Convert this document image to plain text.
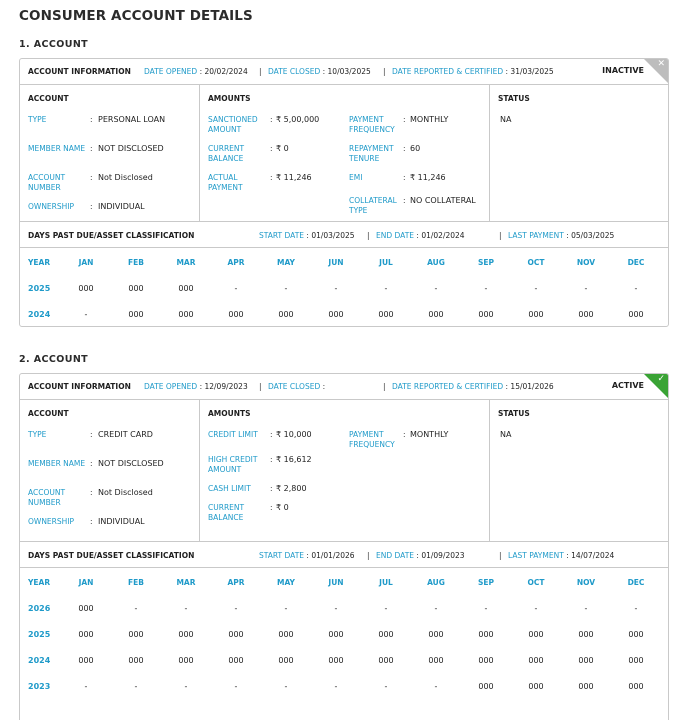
CONSUMER ACCOUNT DETAILS
1. ACCOUNT
ACCOUNT INFORMATION DATE OPENED : 20/02/2024 | DATE CLOSED : 10/03/2025 | DATE REPORTED & CERTIFIED : 31/03/2025	INACTIVE
✕
ACCOUNT
TYPE	: PERSONAL LOAN
MEMBER NAME : NOT DISCLOSED
ACCOUNT NUMBER
: Not Disclosed
OWNERSHIP	: INDIVIDUAL
AMOUNTS
SANCTIONED AMOUNT
: ₹ 5,00,000
CURRENT BALANCE
: ₹ 0
ACTUAL PAYMENT
: ₹ 11,246
PAYMENT FREQUENCY
: MONTHLY
REPAYMENT TENURE
: 60
EMI	: ₹ 11,246
COLLATERAL TYPE
: NO COLLATERAL
STATUS
NA
DAYS PAST DUE/ASSET CLASSIFICATION	START DATE : 01/03/2025 | END DATE : 01/02/2024	| LAST PAYMENT : 05/03/2025
YEAR	JAN	FEB	MAR	APR	MAY	JUN	JUL	AUG	SEP	OCT	NOV	DEC
2025	000	000	000	-	-	-	-	-	-	-	-	-
2024	-	000	000	000	000	000	000	000	000	000	000	000
2. ACCOUNT
ACCOUNT INFORMATION DATE OPENED : 12/09/2023 | DATE CLOSED :	| DATE REPORTED & CERTIFIED : 15/01/2026	ACTIVE
✓
ACCOUNT
TYPE	: CREDIT CARD
MEMBER NAME : NOT DISCLOSED
ACCOUNT NUMBER
: Not Disclosed
OWNERSHIP	: INDIVIDUAL
AMOUNTS
CREDIT LIMIT	: ₹ 10,000
HIGH CREDIT AMOUNT
: ₹ 16,612
CASH LIMIT	: ₹ 2,800
CURRENT BALANCE
: ₹ 0
PAYMENT FREQUENCY
: MONTHLY
STATUS
NA
DAYS PAST DUE/ASSET CLASSIFICATION	START DATE : 01/01/2026 | END DATE : 01/09/2023	| LAST PAYMENT : 14/07/2024
YEAR	JAN	FEB	MAR	APR	MAY	JUN	JUL	AUG	SEP	OCT	NOV	DEC
2026	000	-	-	-	-	-	-	-	-	-	-	-
2025	000	000	000	000	000	000	000	000	000	000	000	000
2024	000	000	000	000	000	000	000	000	000	000	000	000
2023	-	-	-	-	-	-	-	-	000	000	000	000
